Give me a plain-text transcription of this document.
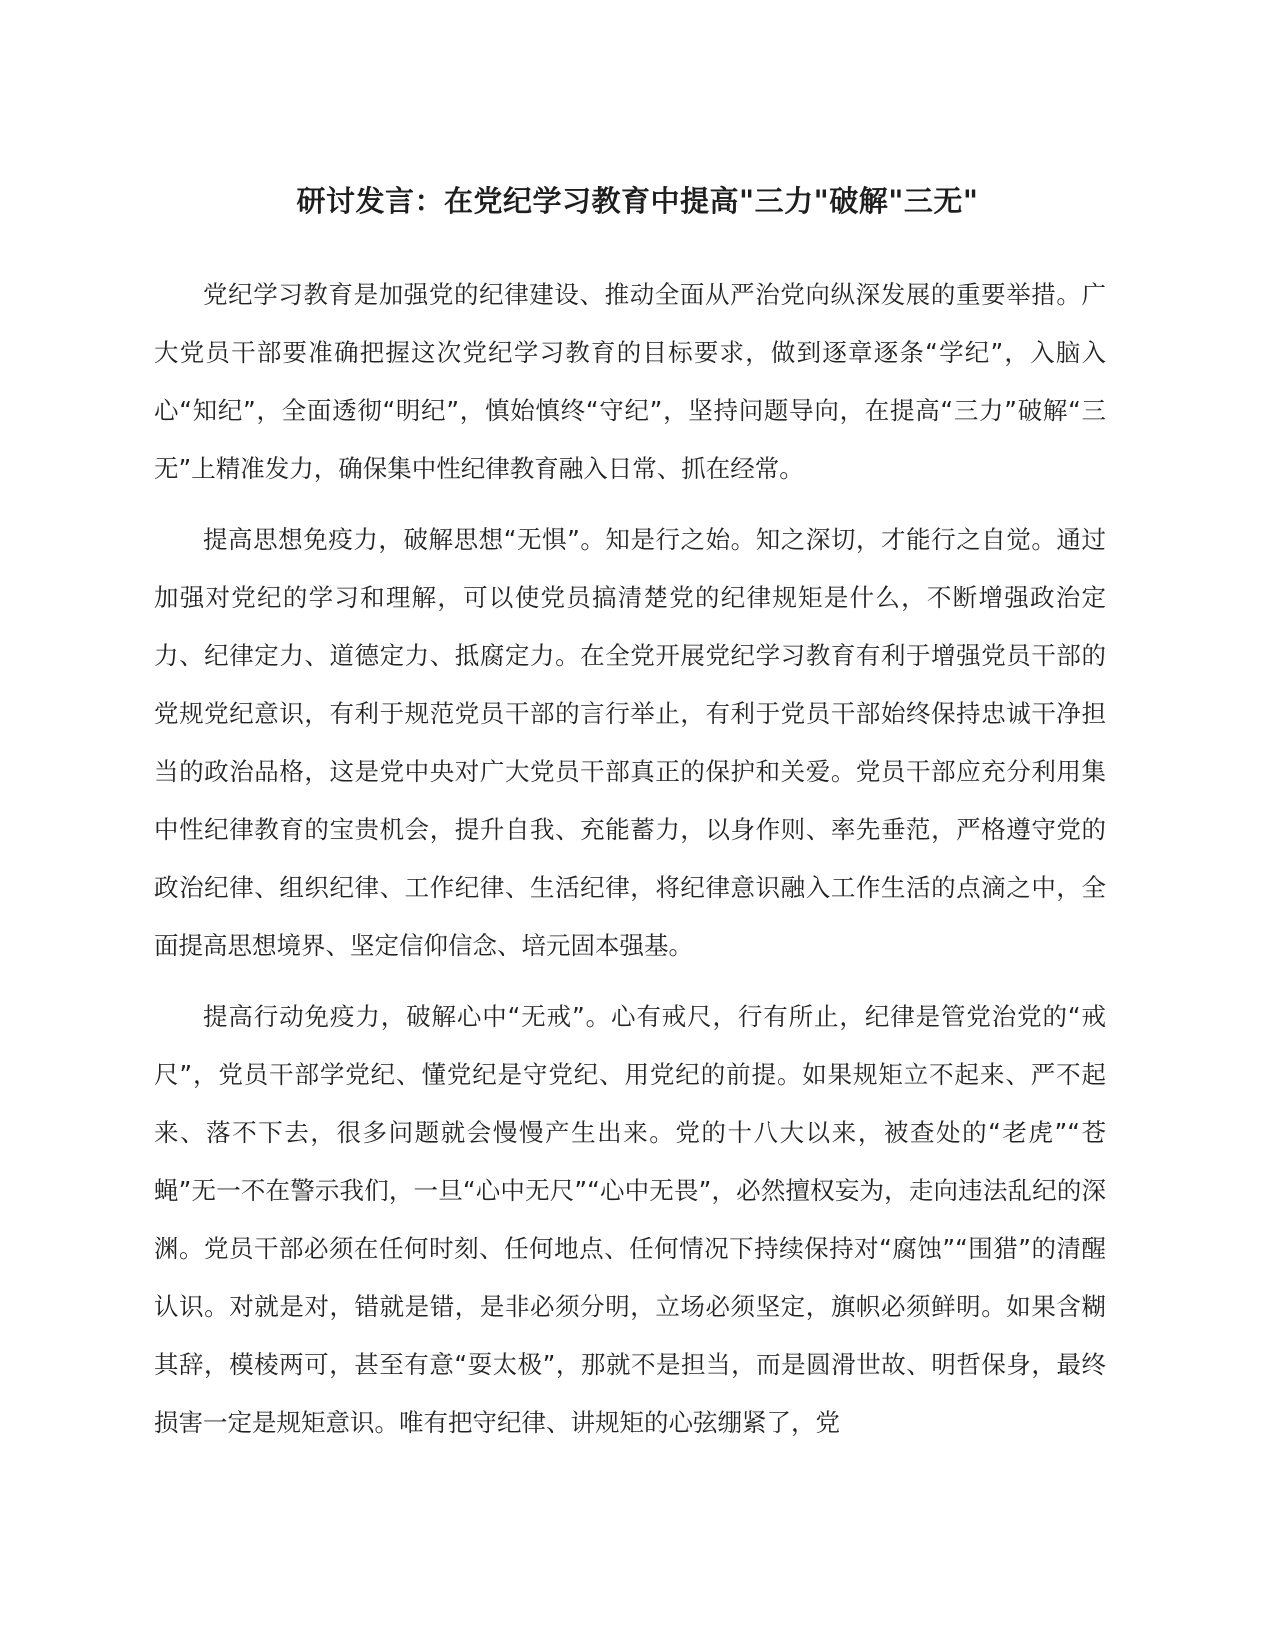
研讨发言：在党纪学习教育中提高"三力"破解"三无"

党纪学习教育是加强党的纪律建设、推动全面从严治党向纵深发展的重要举措。广大党员干部要准确把握这次党纪学习教育的目标要求，做到逐章逐条“学纪”，入脑入心“知纪”，全面透彻“明纪”，慎始慎终“守纪”，坚持问题导向，在提高“三力”破解“三无”上精准发力，确保集中性纪律教育融入日常、抓在经常。

提高思想免疫力，破解思想“无惧”。知是行之始。知之深切，才能行之自觉。通过加强对党纪的学习和理解，可以使党员搞清楚党的纪律规矩是什么，不断增强政治定力、纪律定力、道德定力、抵腐定力。在全党开展党纪学习教育有利于增强党员干部的党规党纪意识，有利于规范党员干部的言行举止，有利于党员干部始终保持忠诚干净担当的政治品格，这是党中央对广大党员干部真正的保护和关爱。党员干部应充分利用集中性纪律教育的宝贵机会，提升自我、充能蓄力，以身作则、率先垂范，严格遵守党的政治纪律、组织纪律、工作纪律、生活纪律，将纪律意识融入工作生活的点滴之中，全面提高思想境界、坚定信仰信念、培元固本强基。

提高行动免疫力，破解心中“无戒”。心有戒尺，行有所止，纪律是管党治党的“戒尺”，党员干部学党纪、懂党纪是守党纪、用党纪的前提。如果规矩立不起来、严不起来、落不下去，很多问题就会慢慢产生出来。党的十八大以来，被查处的“老虎”“苍蝇”无一不在警示我们，一旦“心中无尺”“心中无畏”，必然擅权妄为，走向违法乱纪的深渊。党员干部必须在任何时刻、任何地点、任何情况下持续保持对“腐蚀”“围猎”的清醒认识。对就是对，错就是错，是非必须分明，立场必须坚定，旗帜必须鲜明。如果含糊其辞，模棱两可，甚至有意“耍太极”，那就不是担当，而是圆滑世故、明哲保身，最终损害一定是规矩意识。唯有把守纪律、讲规矩的心弦绷紧了，党
